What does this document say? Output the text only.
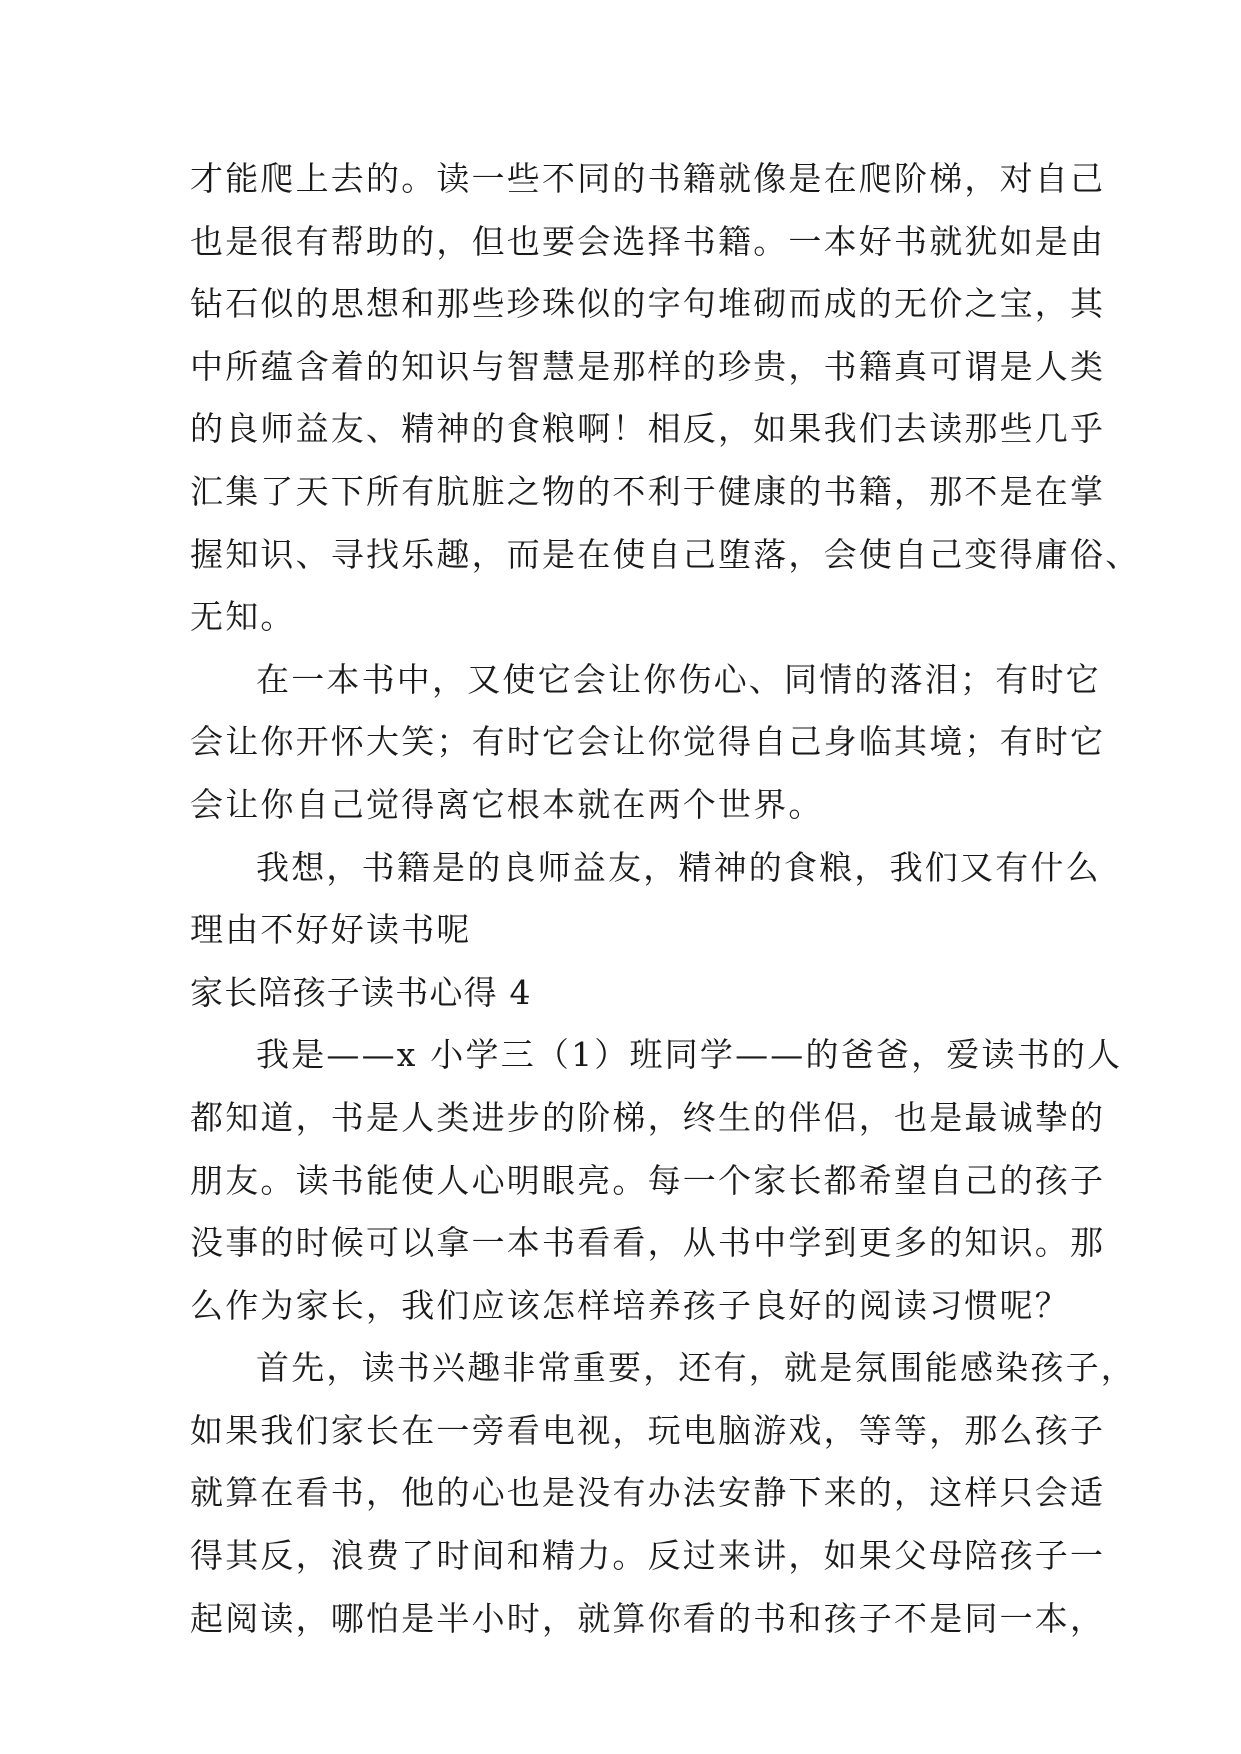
才能爬上去的。读一些不同的书籍就像是在爬阶梯，对自己
也是很有帮助的，但也要会选择书籍。一本好书就犹如是由
钻石似的思想和那些珍珠似的字句堆砌而成的无价之宝，其
中所蕴含着的知识与智慧是那样的珍贵，书籍真可谓是人类
的良师益友、精神的食粮啊！相反，如果我们去读那些几乎
汇集了天下所有肮脏之物的不利于健康的书籍，那不是在掌
握知识、寻找乐趣，而是在使自己堕落，会使自己变得庸俗、
无知。
在一本书中，又使它会让你伤心、同情的落泪；有时它
会让你开怀大笑；有时它会让你觉得自己身临其境；有时它
会让你自己觉得离它根本就在两个世界。
我想，书籍是的良师益友，精神的食粮，我们又有什么
理由不好好读书呢
家长陪孩子读书心得 4
我是——x 小学三（1）班同学——的爸爸，爱读书的人
都知道，书是人类进步的阶梯，终生的伴侣，也是最诚挚的
朋友。读书能使人心明眼亮。每一个家长都希望自己的孩子
没事的时候可以拿一本书看看，从书中学到更多的知识。那
么作为家长，我们应该怎样培养孩子良好的阅读习惯呢？
首先，读书兴趣非常重要，还有，就是氛围能感染孩子，
如果我们家长在一旁看电视，玩电脑游戏，等等，那么孩子
就算在看书，他的心也是没有办法安静下来的，这样只会适
得其反，浪费了时间和精力。反过来讲，如果父母陪孩子一
起阅读，哪怕是半小时，就算你看的书和孩子不是同一本，
